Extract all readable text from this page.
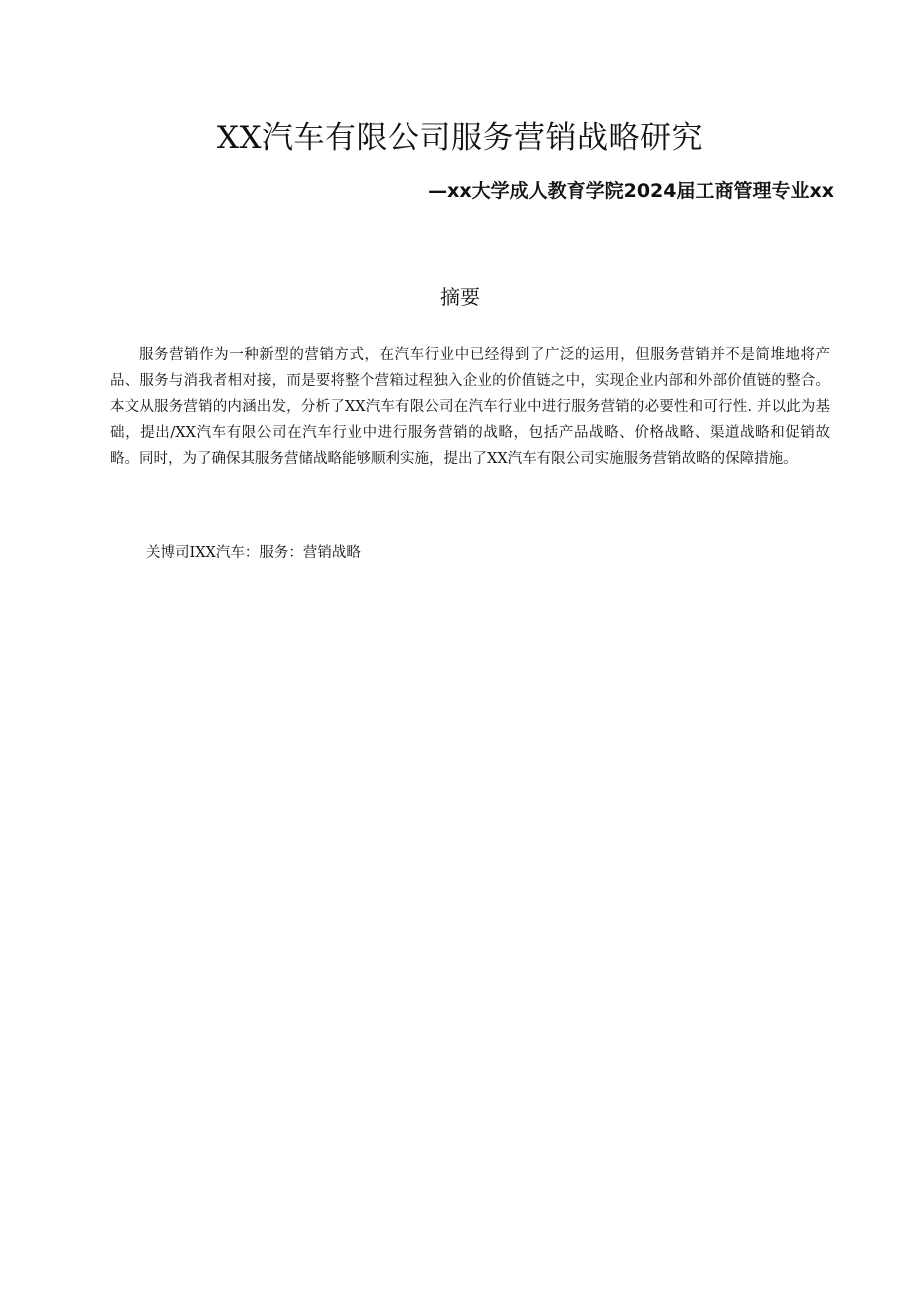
XX汽车有限公司服务营销战略研究
—xx大学成人教育学院2024届工商管理专业xx
摘要

服务营销作为一种新型的营销方式，在汽车行业中已经得到了广泛的运用，但服务营销并不是简堆地将产品、服务与消我者相对接，而是要将整个营箱过程独入企业的价值链之中，实现企业内部和外部价值链的整合。本文从服务营销的内涵出发，分析了XX汽车有限公司在汽车行业中进行服务营销的必要性和可行性. 并以此为基础，提出/XX汽车有限公司在汽车行业中进行服务营销的战略，包括产品战略、价格战略、渠道战略和促销故略。同时，为了确保其服务营储战略能够顺利实施，提出了XX汽车有限公司实施服务营销故略的保障措施。

关博司IXX汽车：服务：营销战略
